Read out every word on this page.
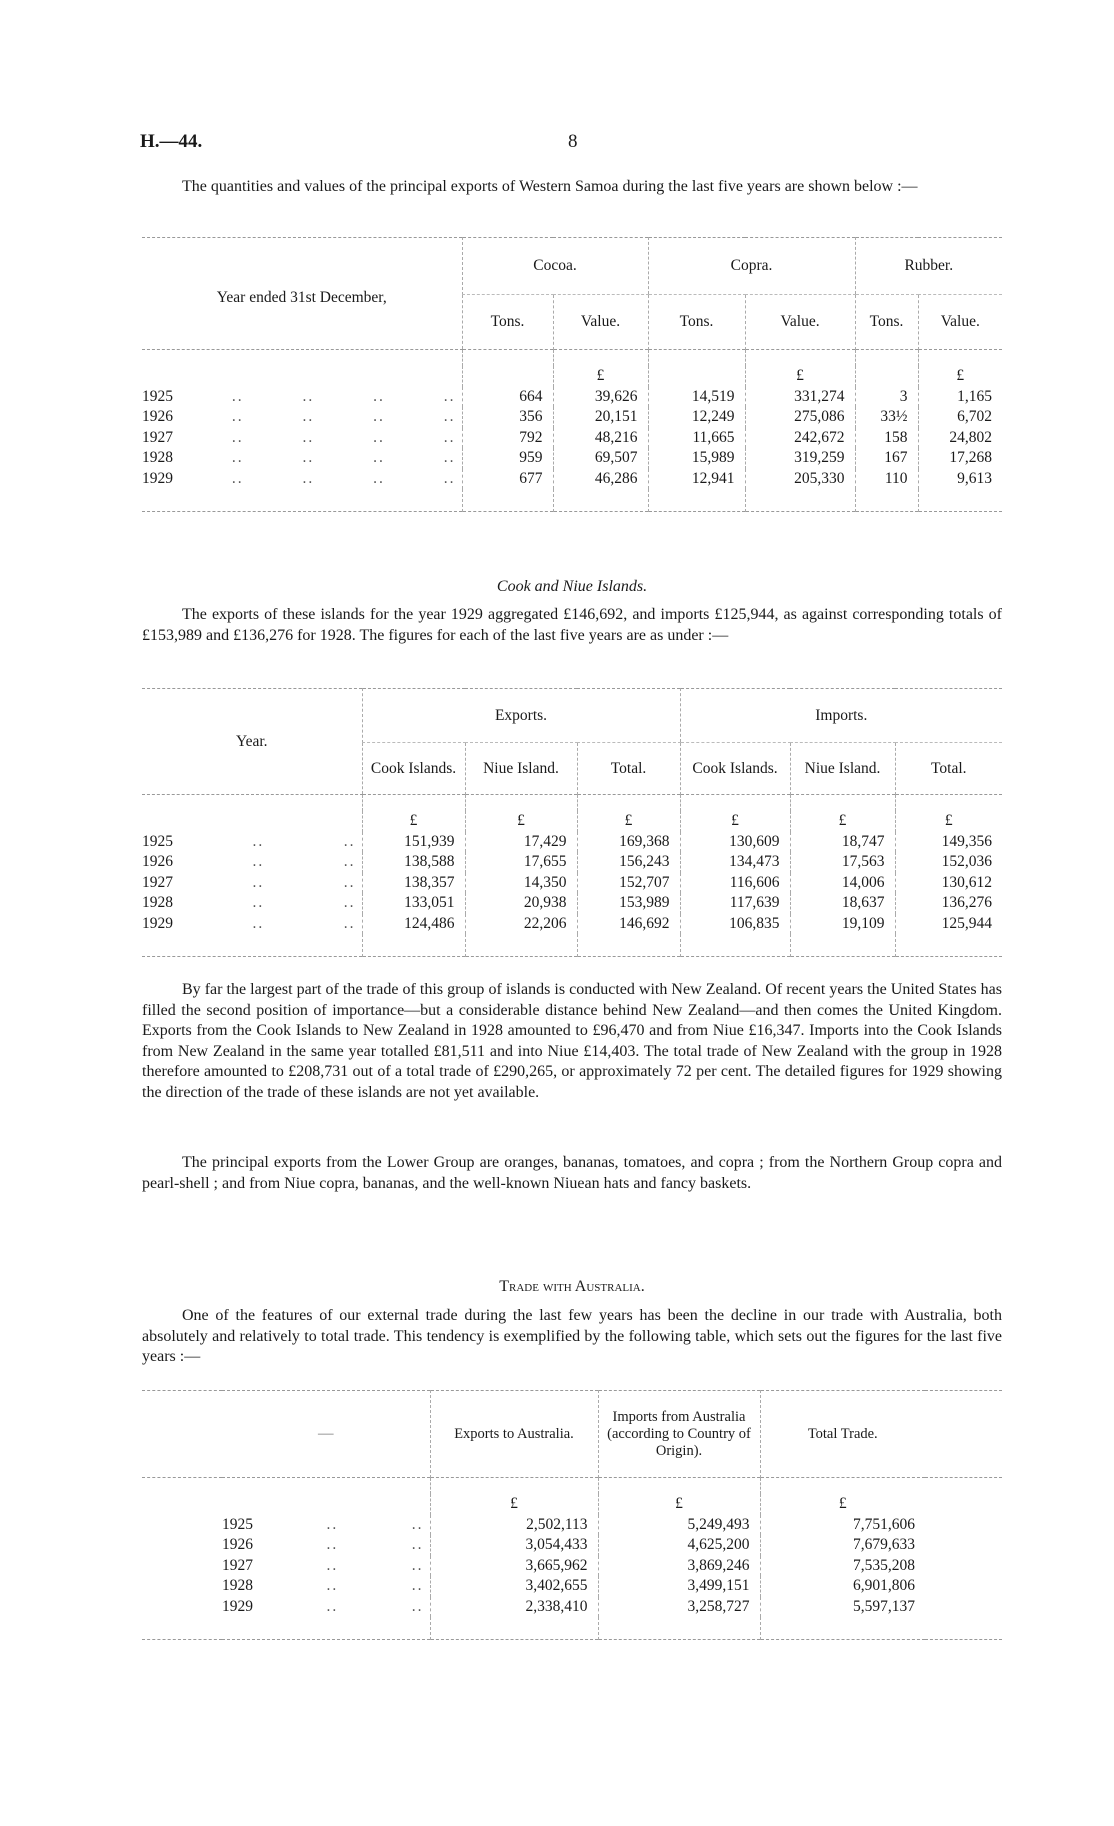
H.—44.	8

The quantities and values of the principal exports of Western Samoa during the last five years are shown below :—

Year ended 31st December,	Cocoa.		Copra.		Rubber.	
	Tons.	Value.	Tons.	Value.	Tons.	Value.

		£		£		£

1925 .. .. .. ..	664	39,626	14,519	331,274	3	1,165

1926 .. .. .. ..	356	20,151	12,249	275,086	33½	6,702

1927 .. .. .. ..	792	48,216	11,665	242,672	158	24,802

1928 .. .. .. ..	959	69,507	15,989	319,259	167	17,268

1929 .. .. .. ..	677	46,286	12,941	205,330	110	9,613

Cook and Niue Islands.

The exports of these islands for the year 1929 aggregated £146,692, and imports £125,944, as against corresponding totals of £153,989 and £136,276 for 1928. The figures for each of the last five years are as under :—

Year.	Exports.			Imports.		
	Cook Islands.	Niue Island.	Total.	Cook Islands.	Niue Island.	Total.

	£	£	£	£	£	£

1925 .. ..	151,939	17,429	169,368	130,609	18,747	149,356

1926 .. ..	138,588	17,655	156,243	134,473	17,563	152,036

1927 .. ..	138,357	14,350	152,707	116,606	14,006	130,612

1928 .. ..	133,051	20,938	153,989	117,639	18,637	136,276

1929 .. ..	124,486	22,206	146,692	106,835	19,109	125,944

By far the largest part of the trade of this group of islands is conducted with New Zealand. Of recent years the United States has filled the second position of importance—but a considerable distance behind New Zealand—and then comes the United Kingdom. Exports from the Cook Islands to New Zealand in 1928 amounted to £96,470 and from Niue £16,347. Imports into the Cook Islands from New Zealand in the same year totalled £81,511 and into Niue £14,403. The total trade of New Zealand with the group in 1928 therefore amounted to £208,731 out of a total trade of £290,265, or approximately 72 per cent. The detailed figures for 1929 showing the direction of the trade of these islands are not yet available.

The principal exports from the Lower Group are oranges, bananas, tomatoes, and copra ; from the Northern Group copra and pearl-shell ; and from Niue copra, bananas, and the well-known Niuean hats and fancy baskets.

Trade with Australia.

One of the features of our external trade during the last few years has been the decline in our trade with Australia, both absolutely and relatively to total trade. This tendency is exemplified by the following table, which sets out the figures for the last five years :—

	—	Exports to Australia.	Imports from Australia (according to Country of Origin).	Total Trade.	

		£	£	£	

	1925 .. ..	2,502,113	5,249,493	7,751,606	

	1926 .. ..	3,054,433	4,625,200	7,679,633	

	1927 .. ..	3,665,962	3,869,246	7,535,208	

	1928 .. ..	3,402,655	3,499,151	6,901,806	

	1929 .. ..	2,338,410	3,258,727	5,597,137	
